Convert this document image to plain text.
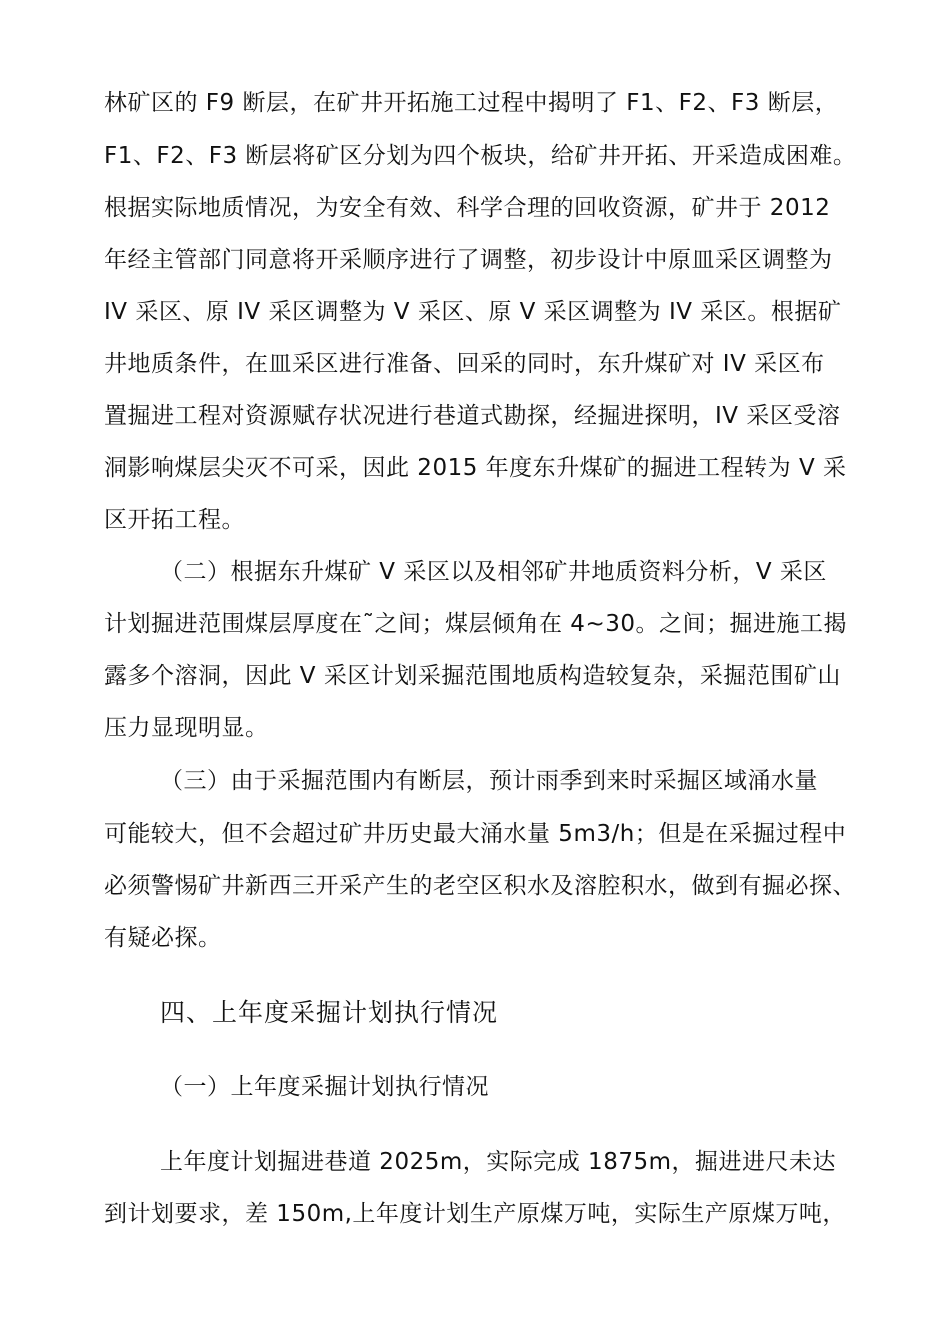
林矿区的 F9 断层，在矿井开拓施工过程中揭明了 F1、F2、F3 断层，
F1、F2、F3 断层将矿区分划为四个板块，给矿井开拓、开采造成困难。
根据实际地质情况，为安全有效、科学合理的回收资源，矿井于 2012
年经主管部门同意将开采顺序进行了调整，初步设计中原皿采区调整为
IV 采区、原 IV 采区调整为 V 采区、原 V 采区调整为 IV 采区。根据矿
井地质条件，在皿采区进行准备、回采的同时，东升煤矿对 IV 采区布
置掘进工程对资源赋存状况进行巷道式勘探，经掘进探明，IV 采区受溶
洞影响煤层尖灭不可采，因此 2015 年度东升煤矿的掘进工程转为 V 采
区开拓工程。
（二）根据东升煤矿 V 采区以及相邻矿井地质资料分析，V 采区
计划掘进范围煤层厚度在˜之间；煤层倾角在 4~30。之间；掘进施工揭
露多个溶洞，因此 V 采区计划采掘范围地质构造较复杂，采掘范围矿山
压力显现明显。
（三）由于采掘范围内有断层，预计雨季到来时采掘区域涌水量
可能较大，但不会超过矿井历史最大涌水量 5m3/h；但是在采掘过程中
必须警惕矿井新西三开采产生的老空区积水及溶腔积水，做到有掘必探、
有疑必探。
四、上年度采掘计划执行情况
（一）上年度采掘计划执行情况
上年度计划掘进巷道 2025m，实际完成 1875m，掘进进尺未达
到计划要求，差 150m,上年度计划生产原煤万吨，实际生产原煤万吨，
